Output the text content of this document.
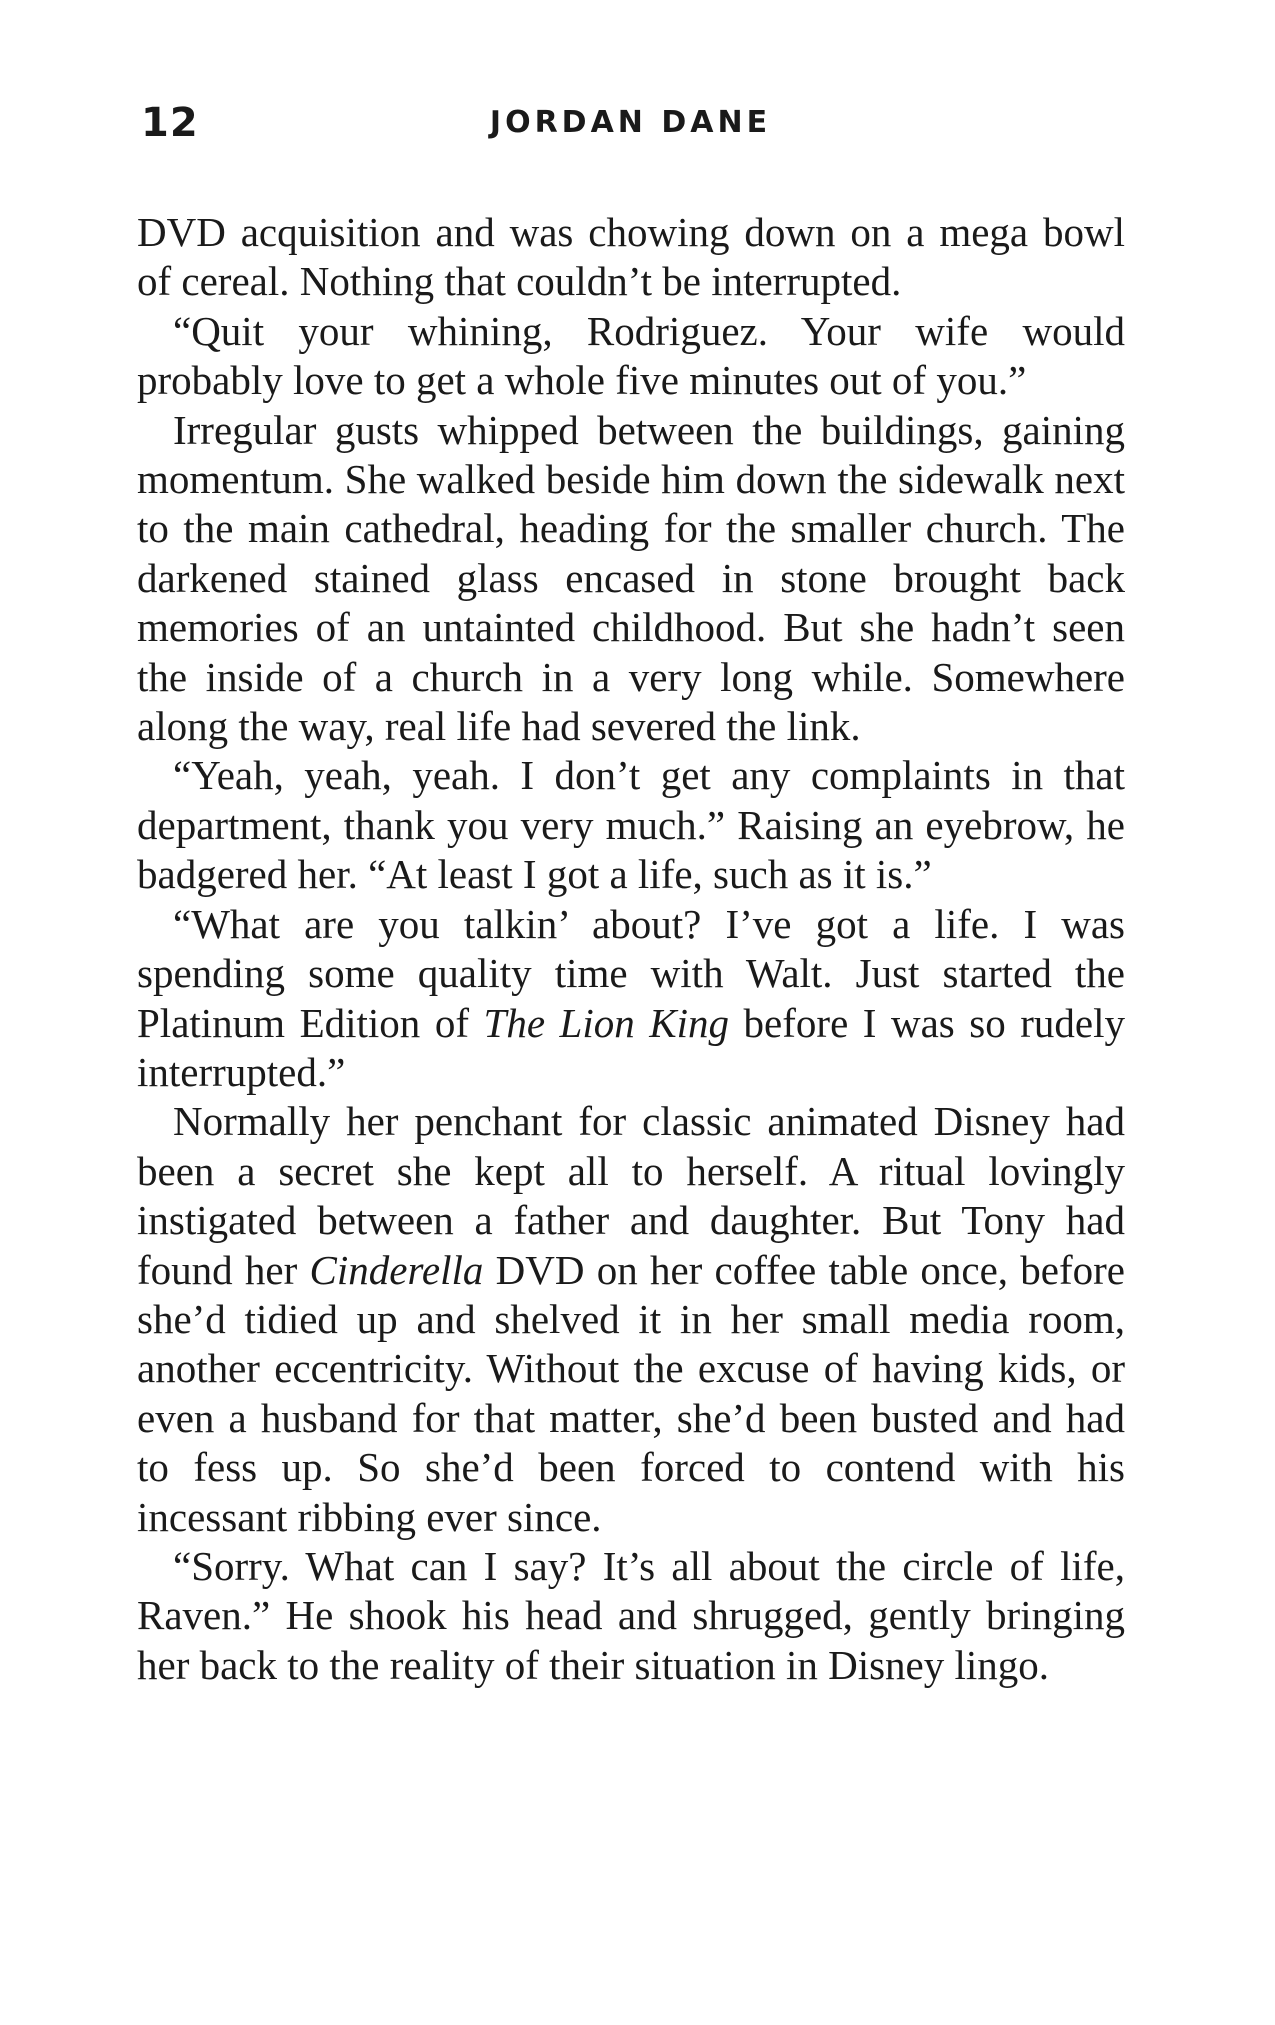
12	JORDAN DANE

DVD acquisition and was chowing down on a mega bowl of cereal. Nothing that couldn’t be interrupted.

“Quit your whining, Rodriguez. Your wife would probably love to get a whole five minutes out of you.”

Irregular gusts whipped between the buildings, gaining momentum. She walked beside him down the sidewalk next to the main cathedral, heading for the smaller church. The darkened stained glass encased in stone brought back memories of an untainted childhood. But she hadn’t seen the inside of a church in a very long while. Somewhere along the way, real life had severed the link.

“Yeah, yeah, yeah. I don’t get any complaints in that department, thank you very much.” Raising an eyebrow, he badgered her. “At least I got a life, such as it is.”

“What are you talkin’ about? I’ve got a life. I was spending some quality time with Walt. Just started the Platinum Edition of The Lion King before I was so rudely interrupted.”

Normally her penchant for classic animated Disney had been a secret she kept all to herself. A ritual lovingly instigated between a father and daughter. But Tony had found her Cinderella DVD on her coffee table once, before she’d tidied up and shelved it in her small media room, another eccentricity. Without the excuse of having kids, or even a husband for that matter, she’d been busted and had to fess up. So she’d been forced to contend with his incessant ribbing ever since.

“Sorry. What can I say? It’s all about the circle of life, Raven.” He shook his head and shrugged, gently bringing her back to the reality of their situation in Disney lingo.
